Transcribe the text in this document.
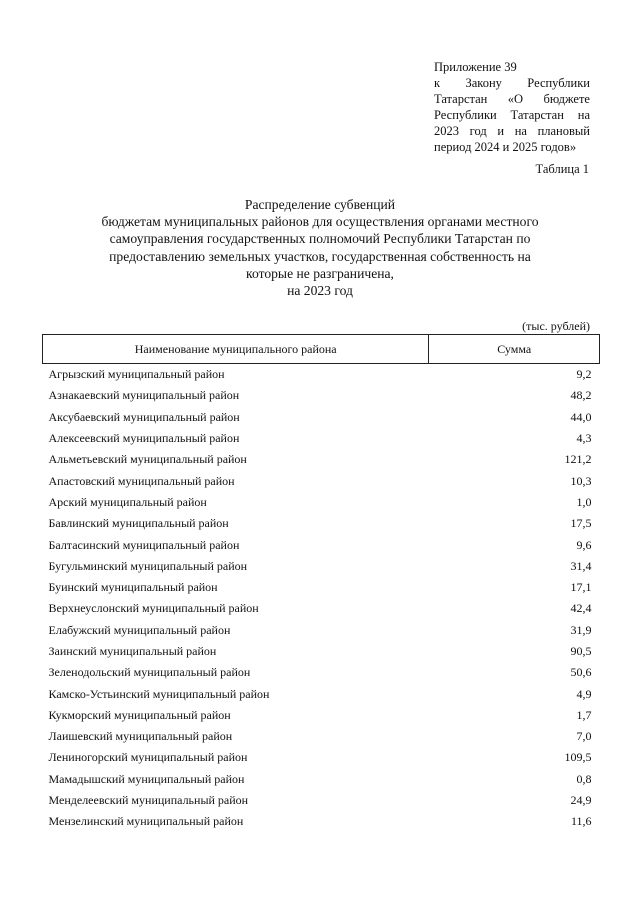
Приложение 39
к Закону Республики
Татарстан «О бюджете
Республики Татарстан на
2023 год и на плановый
период 2024 и 2025 годов»
Таблица 1
Распределение субвенций
бюджетам муниципальных районов для осуществления органами местного
самоуправления государственных полномочий Республики Татарстан по
предоставлению земельных участков, государственная собственность на
которые не разграничена,
на 2023 год
(тыс. рублей)
Наименование муниципального района	Сумма
Агрызский муниципальный район	9,2
Азнакаевский муниципальный район	48,2
Аксубаевский муниципальный район	44,0
Алексеевский муниципальный район	4,3
Альметьевский муниципальный район	121,2
Апастовский муниципальный район	10,3
Арский муниципальный район	1,0
Бавлинский муниципальный район	17,5
Балтасинский муниципальный район	9,6
Бугульминский муниципальный район	31,4
Буинский муниципальный район	17,1
Верхнеуслонский муниципальный район	42,4
Елабужский муниципальный район	31,9
Заинский муниципальный район	90,5
Зеленодольский муниципальный район	50,6
Камско-Устьинский муниципальный район	4,9
Кукморский муниципальный район	1,7
Лаишевский муниципальный район	7,0
Лениногорский муниципальный район	109,5
Мамадышский муниципальный район	0,8
Менделеевский муниципальный район	24,9
Мензелинский муниципальный район	11,6
